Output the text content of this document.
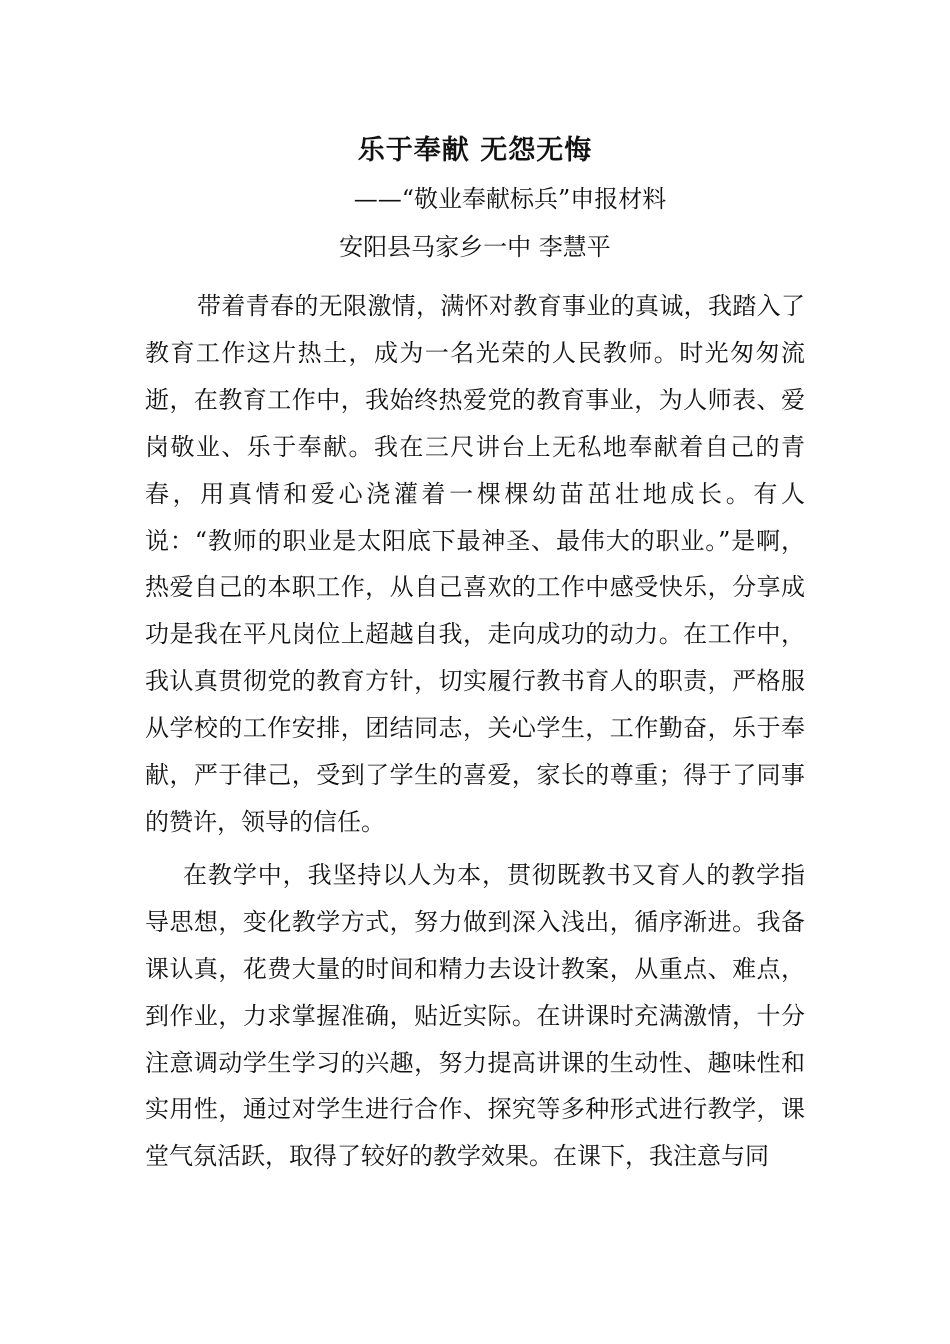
乐于奉献 无怨无悔
——“敬业奉献标兵”申报材料
安阳县马家乡一中 李慧平

带着青春的无限激情，满怀对教育事业的真诚，我踏入了教育工作这片热土，成为一名光荣的人民教师。时光匆匆流逝，在教育工作中，我始终热爱党的教育事业，为人师表、爱岗敬业、乐于奉献。我在三尺讲台上无私地奉献着自己的青春，用真情和爱心浇灌着一棵棵幼苗茁壮地成长。有人说：“教师的职业是太阳底下最神圣、最伟大的职业。”是啊，热爱自己的本职工作，从自己喜欢的工作中感受快乐，分享成功是我在平凡岗位上超越自我，走向成功的动力。在工作中，我认真贯彻党的教育方针，切实履行教书育人的职责，严格服从学校的工作安排，团结同志，关心学生，工作勤奋，乐于奉献，严于律己，受到了学生的喜爱，家长的尊重；得于了同事的赞许，领导的信任。

在教学中，我坚持以人为本，贯彻既教书又育人的教学指导思想，变化教学方式，努力做到深入浅出，循序渐进。我备课认真，花费大量的时间和精力去设计教案，从重点、难点，到作业，力求掌握准确，贴近实际。在讲课时充满激情，十分注意调动学生学习的兴趣，努力提高讲课的生动性、趣味性和实用性，通过对学生进行合作、探究等多种形式进行教学，课堂气氛活跃，取得了较好的教学效果。在课下，我注意与同
